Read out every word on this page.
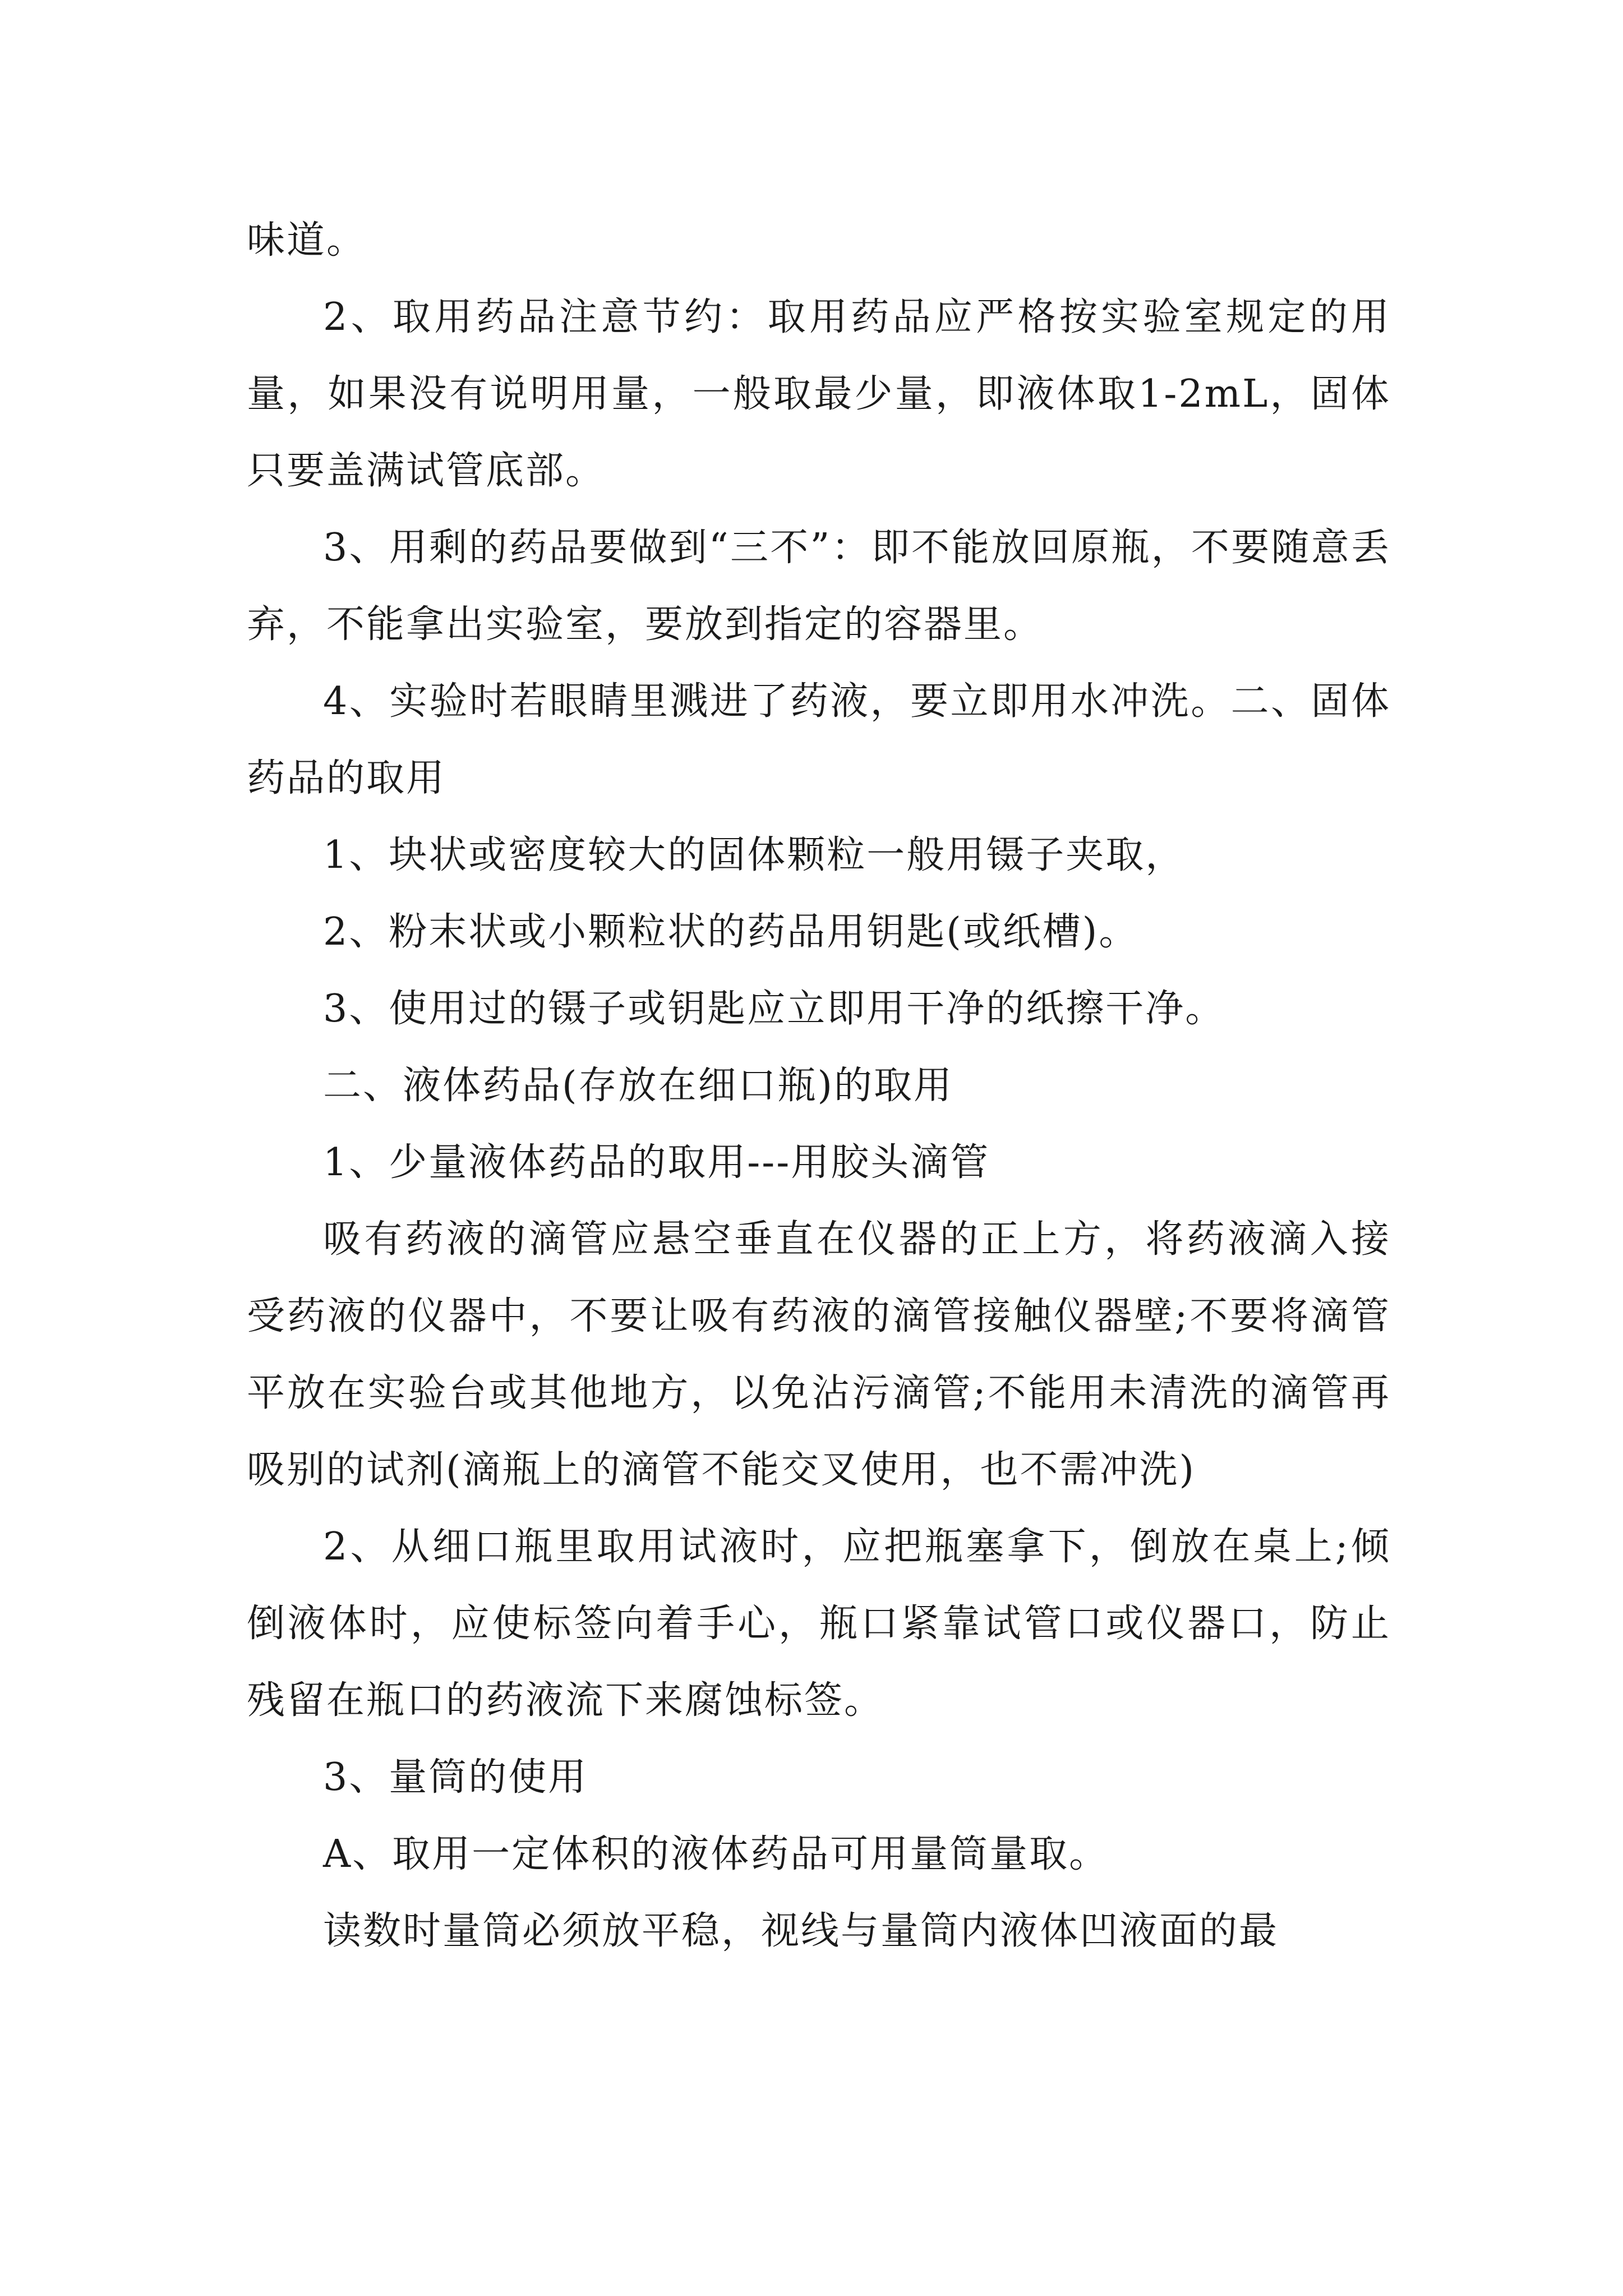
味道。

2、取用药品注意节约：取用药品应严格按实验室规定的用量，如果没有说明用量，一般取最少量，即液体取1-2mL，固体只要盖满试管底部。

3、用剩的药品要做到“三不”：即不能放回原瓶，不要随意丢弃，不能拿出实验室，要放到指定的容器里。

4、实验时若眼睛里溅进了药液，要立即用水冲洗。二、固体药品的取用

1、块状或密度较大的固体颗粒一般用镊子夹取，

2、粉末状或小颗粒状的药品用钥匙(或纸槽)。

3、使用过的镊子或钥匙应立即用干净的纸擦干净。

二、液体药品(存放在细口瓶)的取用

1、少量液体药品的取用---用胶头滴管

吸有药液的滴管应悬空垂直在仪器的正上方，将药液滴入接受药液的仪器中，不要让吸有药液的滴管接触仪器壁;不要将滴管平放在实验台或其他地方，以免沾污滴管;不能用未清洗的滴管再吸别的试剂(滴瓶上的滴管不能交叉使用，也不需冲洗)

2、从细口瓶里取用试液时，应把瓶塞拿下，倒放在桌上;倾倒液体时，应使标签向着手心，瓶口紧靠试管口或仪器口，防止残留在瓶口的药液流下来腐蚀标签。

3、量筒的使用

A、取用一定体积的液体药品可用量筒量取。

读数时量筒必须放平稳，视线与量筒内液体凹液面的最
